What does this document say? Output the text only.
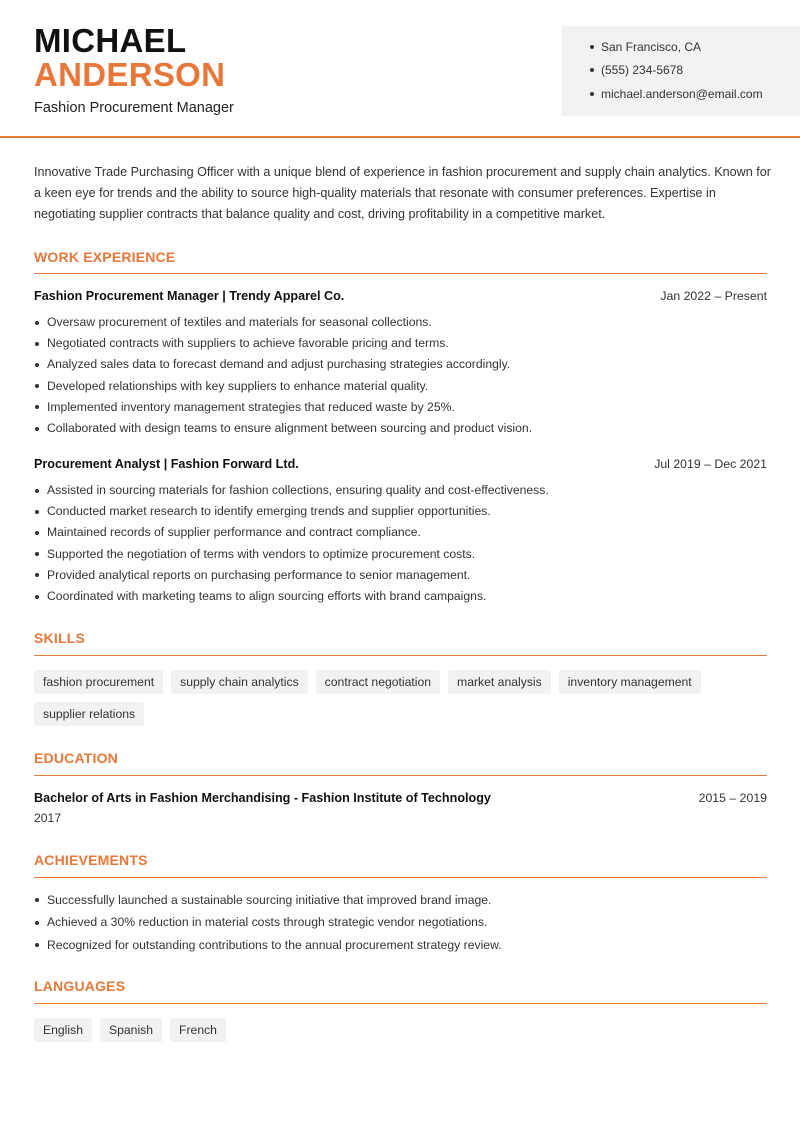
MICHAEL
ANDERSON
Fashion Procurement Manager
San Francisco, CA
(555) 234-5678
michael.anderson@email.com
Innovative Trade Purchasing Officer with a unique blend of experience in fashion procurement and supply chain analytics. Known for a keen eye for trends and the ability to source high-quality materials that resonate with consumer preferences. Expertise in negotiating supplier contracts that balance quality and cost, driving profitability in a competitive market.
WORK EXPERIENCE
Fashion Procurement Manager | Trendy Apparel Co.	Jan 2022 – Present
Oversaw procurement of textiles and materials for seasonal collections.
Negotiated contracts with suppliers to achieve favorable pricing and terms.
Analyzed sales data to forecast demand and adjust purchasing strategies accordingly.
Developed relationships with key suppliers to enhance material quality.
Implemented inventory management strategies that reduced waste by 25%.
Collaborated with design teams to ensure alignment between sourcing and product vision.
Procurement Analyst | Fashion Forward Ltd.	Jul 2019 – Dec 2021
Assisted in sourcing materials for fashion collections, ensuring quality and cost-effectiveness.
Conducted market research to identify emerging trends and supplier opportunities.
Maintained records of supplier performance and contract compliance.
Supported the negotiation of terms with vendors to optimize procurement costs.
Provided analytical reports on purchasing performance to senior management.
Coordinated with marketing teams to align sourcing efforts with brand campaigns.
SKILLS
fashion procurement	supply chain analytics	contract negotiation	market analysis	inventory management
supplier relations
EDUCATION
Bachelor of Arts in Fashion Merchandising - Fashion Institute of Technology	2015 – 2019
2017
ACHIEVEMENTS
Successfully launched a sustainable sourcing initiative that improved brand image.
Achieved a 30% reduction in material costs through strategic vendor negotiations.
Recognized for outstanding contributions to the annual procurement strategy review.
LANGUAGES
English	Spanish	French
